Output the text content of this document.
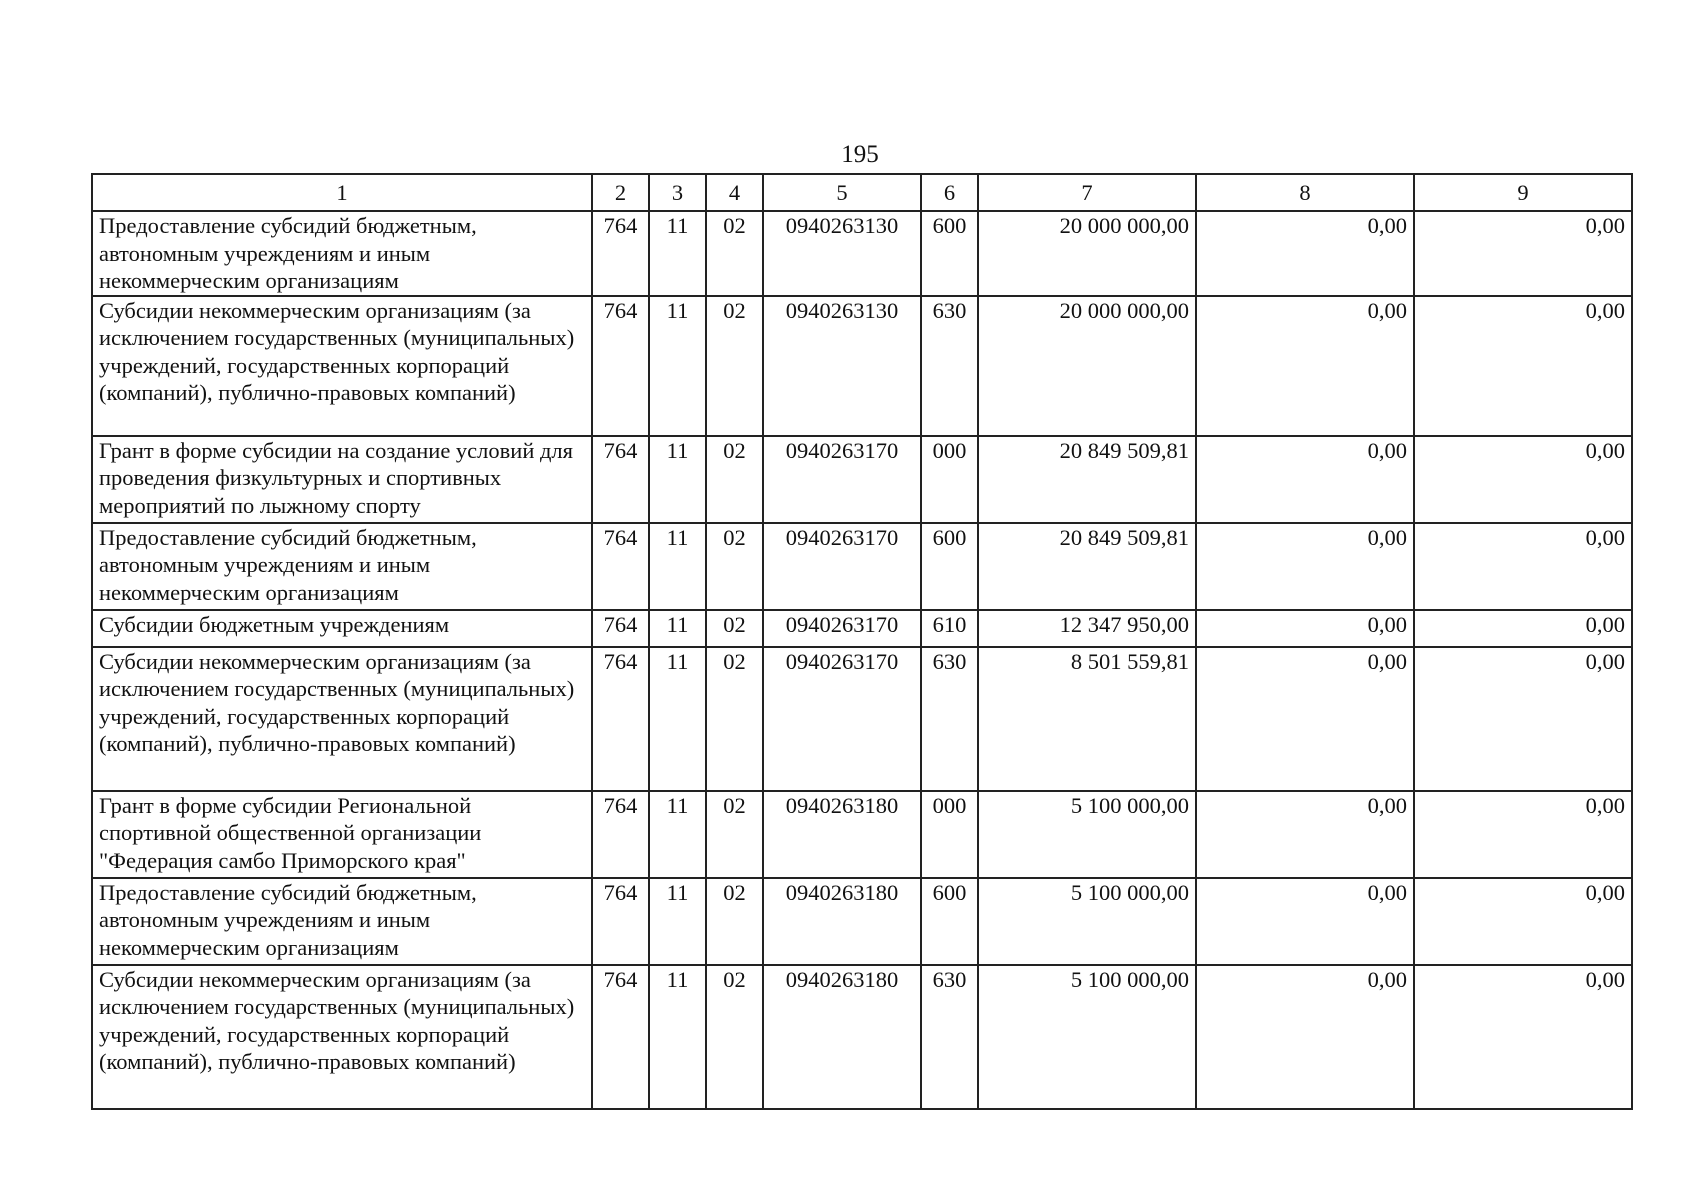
195
1	2	3	4	5	6	7	8	9
Предоставление субсидий бюджетным, автономным учреждениям и иным некоммерческим организациям	764	11	02	0940263130	600	20 000 000,00	0,00	0,00
Субсидии некоммерческим организациям (за исключением государственных (муниципальных) учреждений, государственных корпораций (компаний), публично-правовых компаний)	764	11	02	0940263130	630	20 000 000,00	0,00	0,00
Грант в форме субсидии на создание условий для проведения физкультурных и спортивных мероприятий по лыжному спорту	764	11	02	0940263170	000	20 849 509,81	0,00	0,00
Предоставление субсидий бюджетным, автономным учреждениям и иным некоммерческим организациям	764	11	02	0940263170	600	20 849 509,81	0,00	0,00
Субсидии бюджетным учреждениям	764	11	02	0940263170	610	12 347 950,00	0,00	0,00
Субсидии некоммерческим организациям (за исключением государственных (муниципальных) учреждений, государственных корпораций (компаний), публично-правовых компаний)	764	11	02	0940263170	630	8 501 559,81	0,00	0,00
Грант в форме субсидии Региональной спортивной общественной организации "Федерация самбо Приморского края"	764	11	02	0940263180	000	5 100 000,00	0,00	0,00
Предоставление субсидий бюджетным, автономным учреждениям и иным некоммерческим организациям	764	11	02	0940263180	600	5 100 000,00	0,00	0,00
Субсидии некоммерческим организациям (за исключением государственных (муниципальных) учреждений, государственных корпораций (компаний), публично-правовых компаний)	764	11	02	0940263180	630	5 100 000,00	0,00	0,00
